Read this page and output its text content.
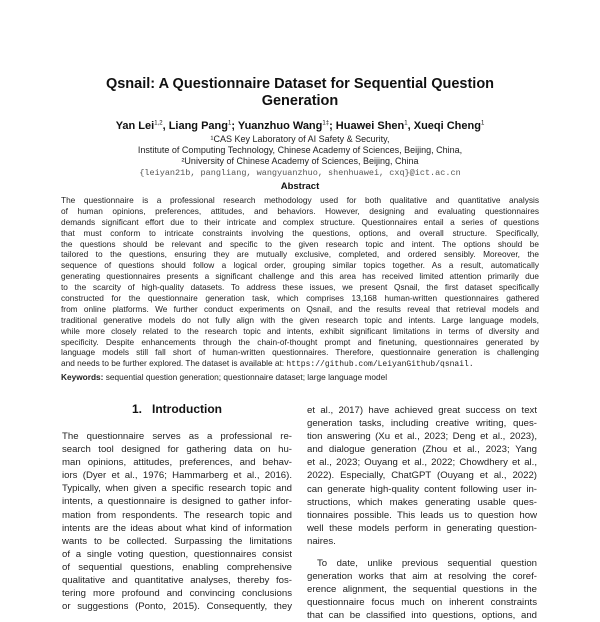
Qsnail: A Questionnaire Dataset for Sequential Question
Generation
Yan Lei$^{1,2}$, Liang Pang$^1$; Yuanzhuo Wang$^{1\ddagger}$; Huawei Shen$^1$, Xueqi Cheng$^1$
¹CAS Key Laboratory of AI Safety & Security,
Institute of Computing Technology, Chinese Academy of Sciences, Beijing, China,
²University of Chinese Academy of Sciences, Beijing, China
{leiyan21b, pangliang, wangyuanzhuo, shenhuawei, cxq}@ict.ac.cn
Abstract
The questionnaire is a professional research methodology used for both qualitative and quantitative analysis
of human opinions, preferences, attitudes, and behaviors. However, designing and evaluating questionnaires
demands significant effort due to their intricate and complex structure. Questionnaires entail a series of questions
that must conform to intricate constraints involving the questions, options, and overall structure. Specifically,
the questions should be relevant and specific to the given research topic and intent. The options should be
tailored to the questions, ensuring they are mutually exclusive, completed, and ordered sensibly. Moreover, the
sequence of questions should follow a logical order, grouping similar topics together. As a result, automatically
generating questionnaires presents a significant challenge and this area has received limited attention primarily due
to the scarcity of high-quality datasets. To address these issues, we present Qsnail, the first dataset specifically
constructed for the questionnaire generation task, which comprises 13,168 human-written questionnaires gathered
from online platforms. We further conduct experiments on Qsnail, and the results reveal that retrieval models and
traditional generative models do not fully align with the given research topic and intents. Large language models,
while more closely related to the research topic and intents, exhibit significant limitations in terms of diversity and
specificity. Despite enhancements through the chain-of-thought prompt and finetuning, questionnaires generated by
language models still fall short of human-written questionnaires. Therefore, questionnaire generation is challenging
and needs to be further explored. The dataset is available at: https://github.com/LeiyanGithub/qsnail.
Keywords: sequential question generation; questionnaire dataset; large language model
1. Introduction
The questionnaire serves as a professional re-
search tool designed for gathering data on hu-
man opinions, attitudes, preferences, and behav-
iors (Dyer et al., 1976; Hammarberg et al., 2016).
Typically, when given a specific research topic and
intents, a questionnaire is designed to gather infor-
mation from respondents. The research topic and
intents are the ideas about what kind of information
wants to be collected. Surpassing the limitations
of a single voting question, questionnaires consist
of sequential questions, enabling comprehensive
qualitative and quantitative analyses, thereby fos-
tering more profound and convincing conclusions
or suggestions (Ponto, 2015). Consequently, they
et al., 2017) have achieved great success on text
generation tasks, including creative writing, ques-
tion answering (Xu et al., 2023; Deng et al., 2023),
and dialogue generation (Zhou et al., 2023; Yang
et al., 2023; Ouyang et al., 2022; Chowdhery et al.,
2022). Especially, ChatGPT (Ouyang et al., 2022)
can generate high-quality content following user in-
structions, which makes generating usable ques-
tionnaires possible. This leads us to question how
well these models perform in generating question-
naires.
To date, unlike previous sequential question
generation works that aim at resolving the coref-
erence alignment, the sequential questions in the
questionnaire focus much on inherent constraints
that can be classified into questions, options, and
